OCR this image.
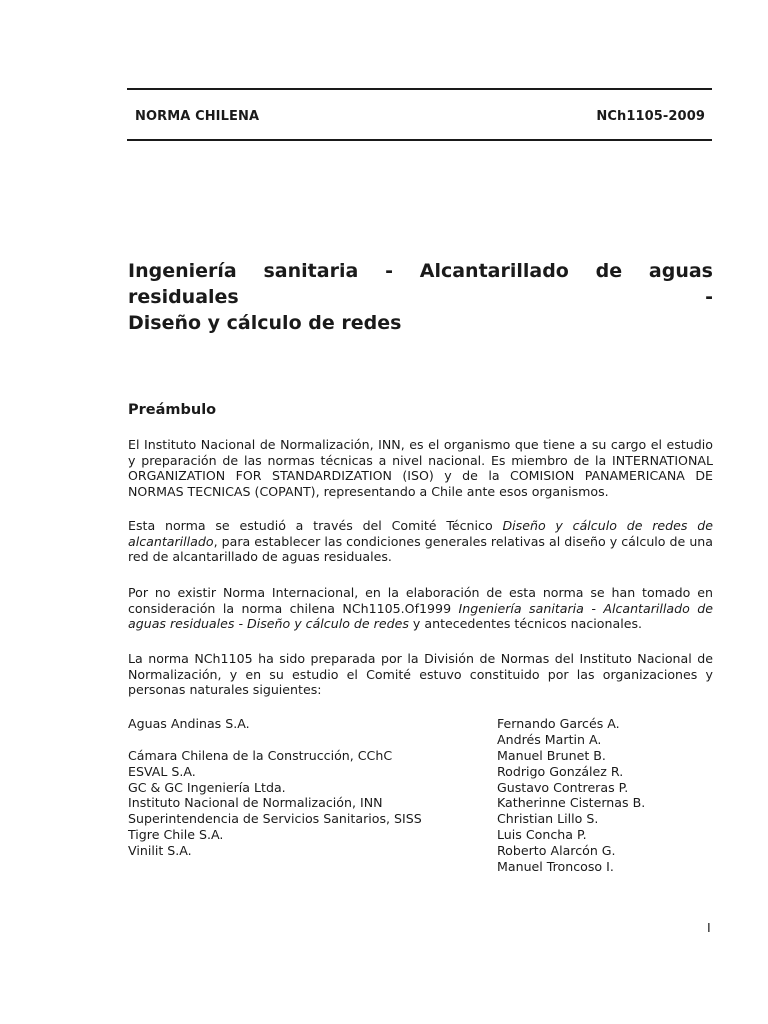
NORMA CHILENA	NCh1105-2009
Ingeniería sanitaria - Alcantarillado de aguas residuales -
Diseño y cálculo de redes
Preámbulo

El Instituto Nacional de Normalización, INN, es el organismo que tiene a su cargo el estudio y preparación de las normas técnicas a nivel nacional. Es miembro de la INTERNATIONAL ORGANIZATION FOR STANDARDIZATION (ISO) y de la COMISION PANAMERICANA DE NORMAS TECNICAS (COPANT), representando a Chile ante esos organismos.

Esta norma se estudió a través del Comité Técnico Diseño y cálculo de redes de alcantarillado, para establecer las condiciones generales relativas al diseño y cálculo de una red de alcantarillado de aguas residuales.

Por no existir Norma Internacional, en la elaboración de esta norma se han tomado en consideración la norma chilena NCh1105.Of1999 Ingeniería sanitaria - Alcantarillado de aguas residuales - Diseño y cálculo de redes y antecedentes técnicos nacionales.

La norma NCh1105 ha sido preparada por la División de Normas del Instituto Nacional de Normalización, y en su estudio el Comité estuvo constituido por las organizaciones y personas naturales siguientes:

Aguas Andinas S.A.
Cámara Chilena de la Construcción, CChC
ESVAL S.A.
GC & GC Ingeniería Ltda.
Instituto Nacional de Normalización, INN
Superintendencia de Servicios Sanitarios, SISS
Tigre Chile S.A.
Vinilit S.A.
Fernando Garcés A.
Andrés Martin A.
Manuel Brunet B.
Rodrigo González R.
Gustavo Contreras P.
Katherinne Cisternas B.
Christian Lillo S.
Luis Concha P.
Roberto Alarcón G.
Manuel Troncoso I.
I
